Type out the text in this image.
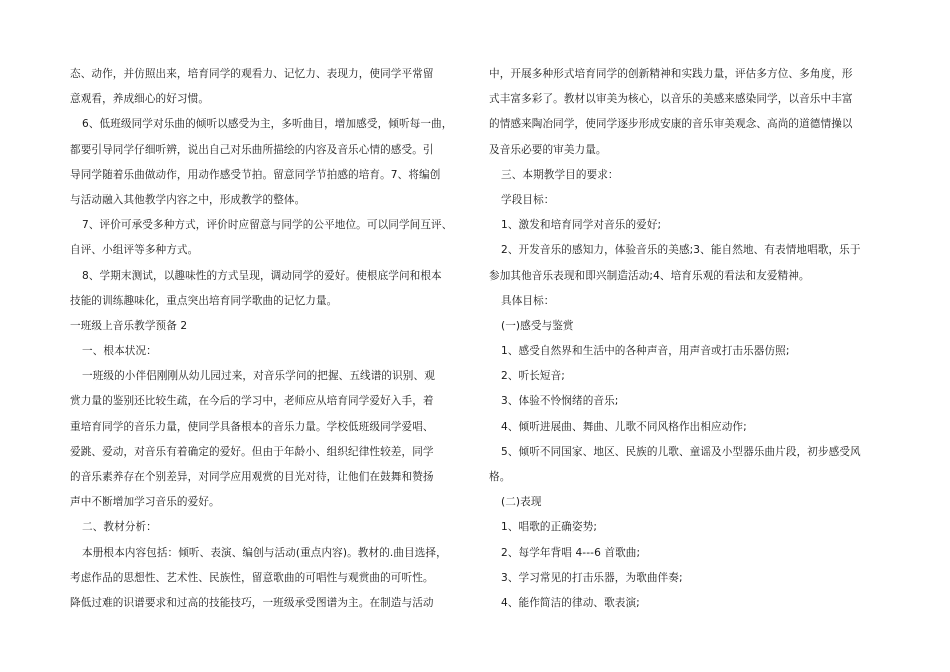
态、动作，并仿照出来，培育同学的观看力、记忆力、表现力，使同学平常留
意观看，养成细心的好习惯。
6、低班级同学对乐曲的倾听以感受为主，多听曲目，增加感受，倾听每一曲，
都要引导同学仔细听辨，说出自己对乐曲所描绘的内容及音乐心情的感受。引
导同学随着乐曲做动作，用动作感受节拍。留意同学节拍感的培育。7、将编创
与活动融入其他教学内容之中，形成教学的整体。
7、评价可承受多种方式，评价时应留意与同学的公平地位。可以同学间互评、
自评、小组评等多种方式。
8、学期末测试，以趣味性的方式呈现，调动同学的爱好。使根底学问和根本
技能的训练趣味化，重点突出培育同学歌曲的记忆力量。
一班级上音乐教学预备 2
一、根本状况：
一班级的小伴侣刚刚从幼儿园过来，对音乐学问的把握、五线谱的识别、观
赏力量的鉴别还比较生疏，在今后的学习中，老师应从培育同学爱好入手，着
重培育同学的音乐力量，使同学具备根本的音乐力量。学校低班级同学爱唱、
爱跳、爱动，对音乐有着确定的爱好。但由于年龄小、组织纪律性较差，同学
的音乐素养存在个别差异，对同学应用观赏的目光对待，让他们在鼓舞和赞扬
声中不断增加学习音乐的爱好。
二、教材分析：
本册根本内容包括：倾听、表演、编创与活动(重点内容)。教材的.曲目选择，
考虑作品的思想性、艺术性、民族性，留意歌曲的可唱性与观赏曲的可听性。
降低过难的识谱要求和过高的技能技巧，一班级承受图谱为主。在制造与活动
中，开展多种形式培育同学的创新精神和实践力量，评估多方位、多角度，形
式丰富多彩了。教材以审美为核心，以音乐的美感来感染同学，以音乐中丰富
的情感来陶冶同学，使同学逐步形成安康的音乐审美观念、高尚的道德情操以
及音乐必要的审美力量。
三、本期教学目的要求：
学段目标：
1、激发和培育同学对音乐的爱好;
2、开发音乐的感知力，体验音乐的美感;3、能自然地、有表情地唱歌，乐于
参加其他音乐表现和即兴制造活动;4、培育乐观的看法和友爱精神。
具体目标：
(一)感受与鉴赏
1、感受自然界和生活中的各种声音，用声音或打击乐器仿照;
2、听长短音;
3、体验不怜悯绪的音乐;
4、倾听进展曲、舞曲、儿歌不同风格作出相应动作;
5、倾听不同国家、地区、民族的儿歌、童谣及小型器乐曲片段，初步感受风
格。
(二)表现
1、唱歌的正确姿势;
2、每学年背唱 4---6 首歌曲;
3、学习常见的打击乐器，为歌曲伴奏;
4、能作简洁的律动、歌表演;
